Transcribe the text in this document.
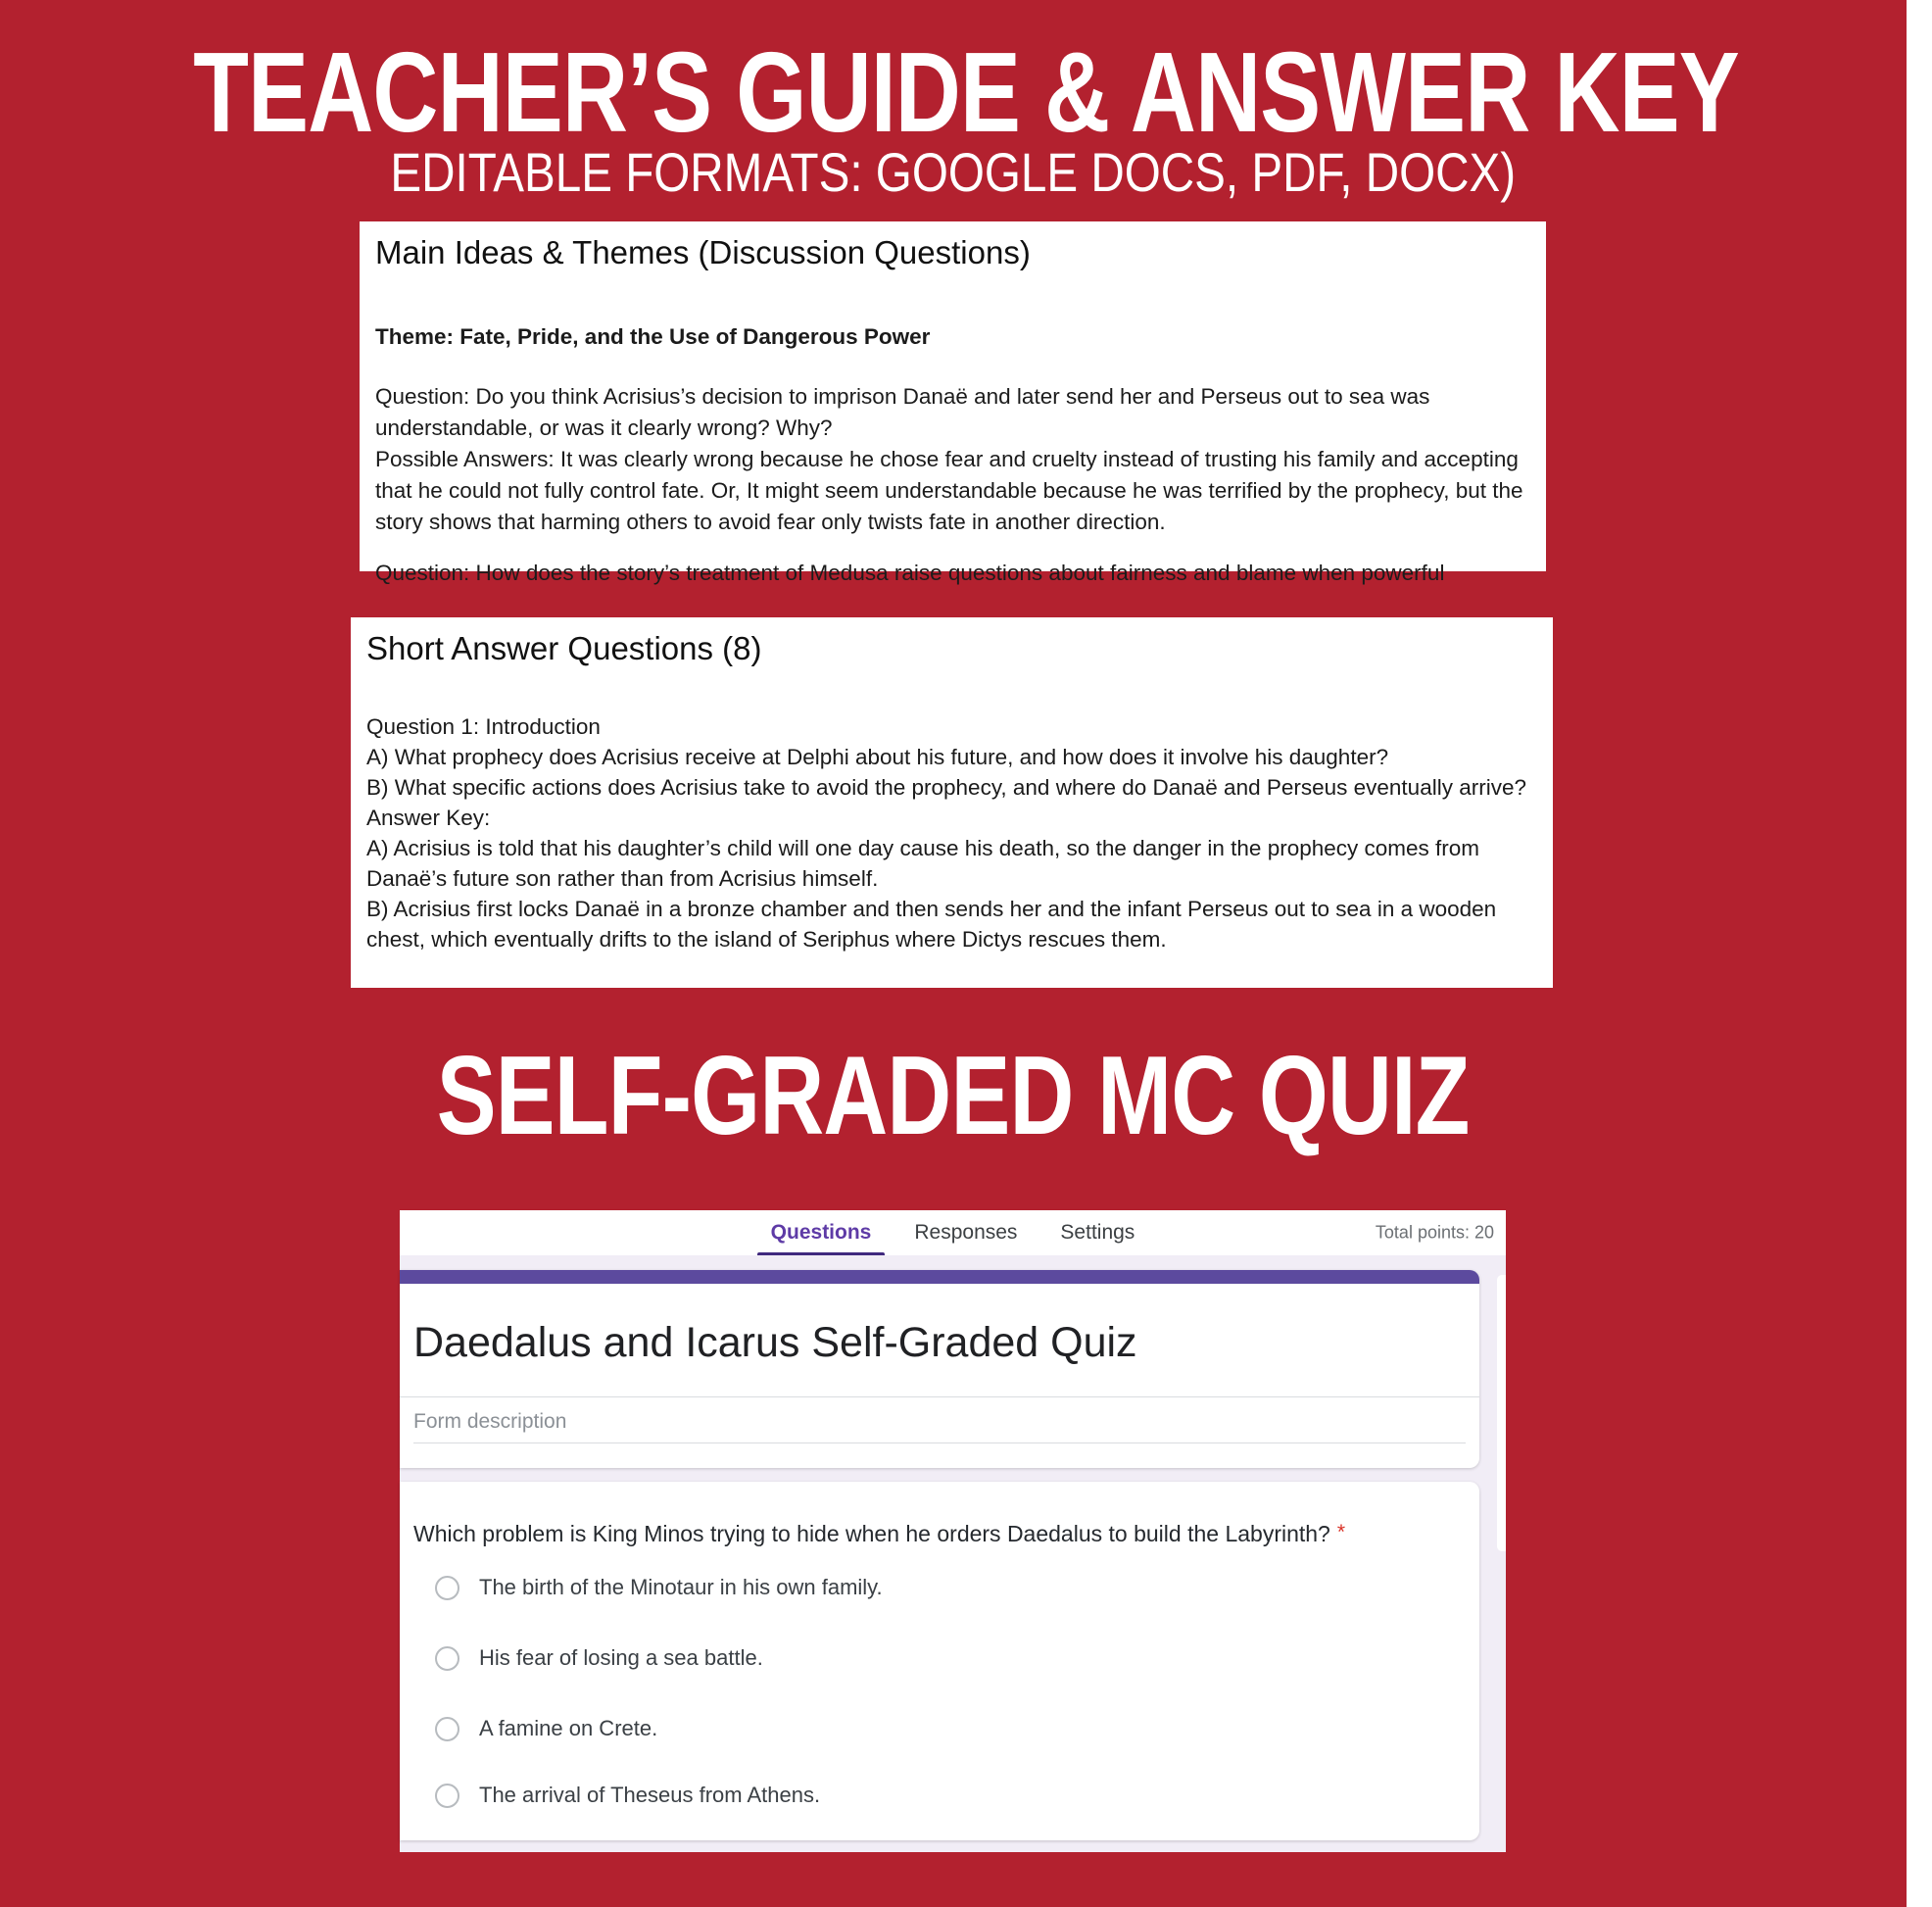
TEACHER’S GUIDE & ANSWER KEY
EDITABLE FORMATS: GOOGLE DOCS, PDF, DOCX)
Main Ideas & Themes (Discussion Questions)

Theme: Fate, Pride, and the Use of Dangerous Power

Question: Do you think Acrisius’s decision to imprison Danaë and later send her and Perseus out to sea was understandable, or was it clearly wrong? Why?

Possible Answers: It was clearly wrong because he chose fear and cruelty instead of trusting his family and accepting that he could not fully control fate. Or, It might seem understandable because he was terrified by the prophecy, but the story shows that harming others to avoid fear only twists fate in another direction.

Question: How does the story’s treatment of Medusa raise questions about fairness and blame when powerful

Short Answer Questions (8)
Question 1: Introduction
A) What prophecy does Acrisius receive at Delphi about his future, and how does it involve his daughter?
B) What specific actions does Acrisius take to avoid the prophecy, and where do Danaë and Perseus eventually arrive?
Answer Key:
A) Acrisius is told that his daughter’s child will one day cause his death, so the danger in the prophecy comes from Danaë’s future son rather than from Acrisius himself.
B) Acrisius first locks Danaë in a bronze chamber and then sends her and the infant Perseus out to sea in a wooden chest, which eventually drifts to the island of Seriphus where Dictys rescues them.
SELF-GRADED MC QUIZ
Questions Responses Settings	Total points: 20
Daedalus and Icarus Self-Graded Quiz
Form description
Which problem is King Minos trying to hide when he orders Daedalus to build the Labyrinth? *
The birth of the Minotaur in his own family.
His fear of losing a sea battle.
A famine on Crete.
The arrival of Theseus from Athens.
